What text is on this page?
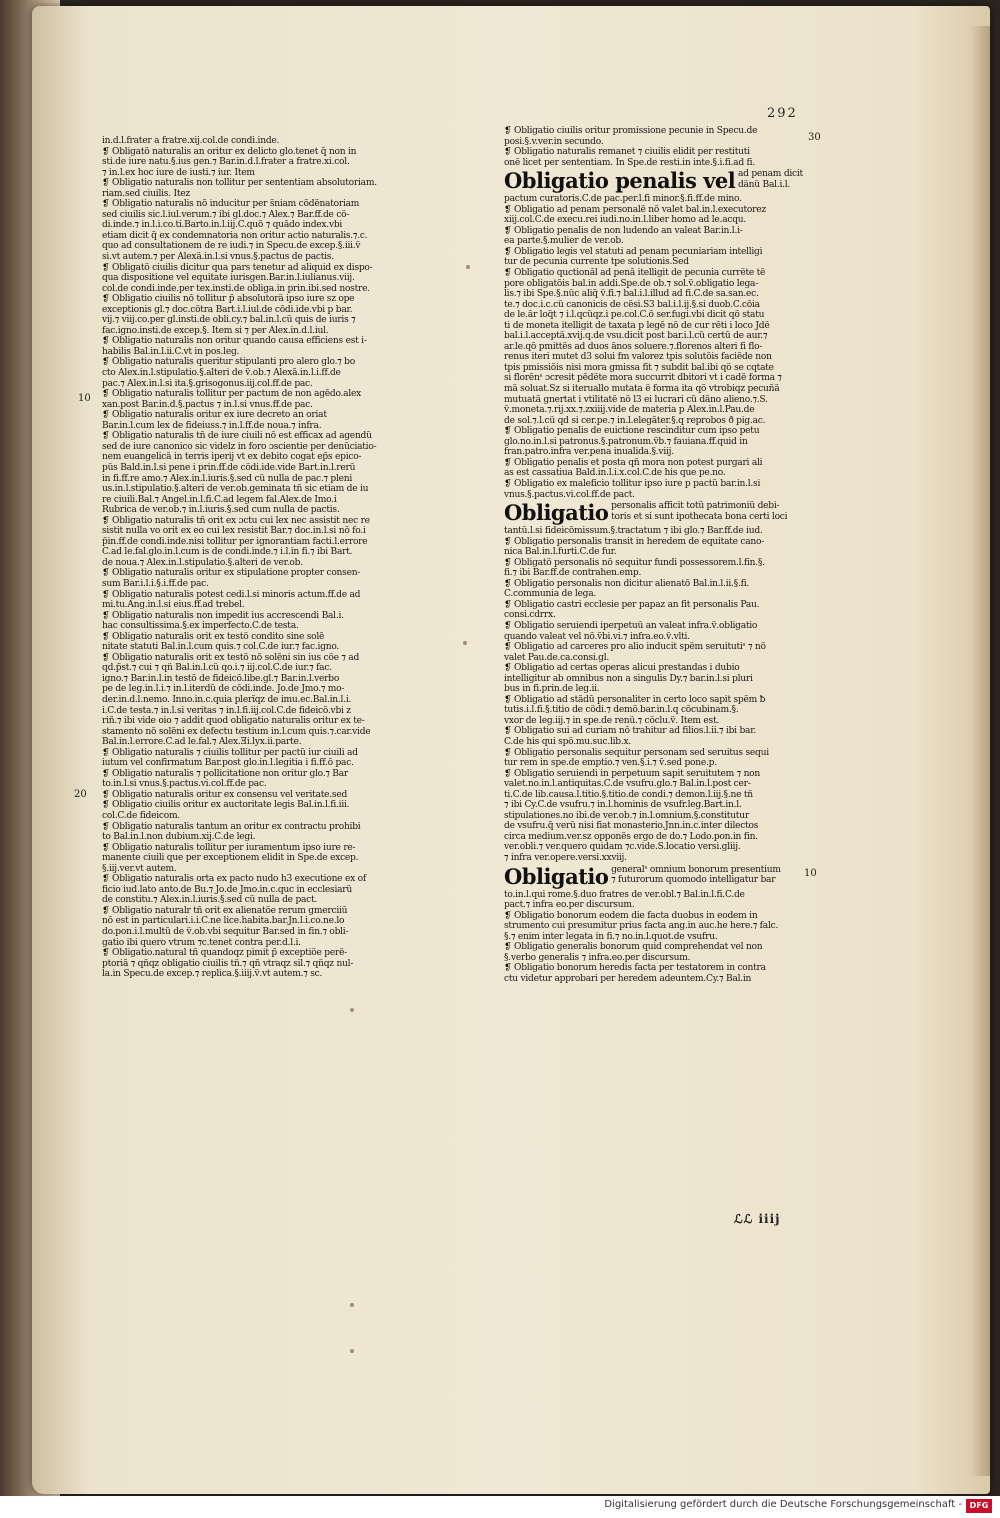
292
10
20
30
10
in.d.l.frater a fratre.xij.col.de condi.inde.
❡ Obligatõ naturalis an oritur ex delicto glo.tenet q̃ non in
sti.de iure natu.§.ius gen.⁊ Bar.in.d.l.frater a fratre.xi.col.
⁊ in.l.ex hoc iure de iusti.⁊ iur. Item
❡ Obligatio naturalis non tollitur per sententiam absolutoriam.
riam.sed ciuilis. Itez
❡ Obligatio naturalis nõ inducitur per s̃niam cõdẽnatoriam
sed ciuilis sic.l.iul.verum.⁊ ibi gl.doc.⁊ Alex.⁊ Bar.ff.de cõ-
di.inde.⁊ in.l.i.co.ti.Barto.in.l.iij.C.quõ ⁊ quãdo index.vbi
etiam dicit q̃ ex condemnatoria non oritur actio naturalis.⁊.c.
quo ad consultationem de re iudi.⁊ in Specu.de excep.§.iii.ṽ
si.vt autem.⁊ per Alexã.in.l.si vnus.§.pactus de pactis.
❡ Obligatõ ciuilis dicitur qua pars tenetur ad aliquid ex dispo-
qua dispositione vel equitate iurisgen.Bar.in.l.iulianus.viij.
col.de condi.inde.per tex.insti.de obliga.in prin.ibi.sed nostre.
❡ Obligatio ciuilis nõ tollitur p̃ absolutorã ipso iure sz ope
exceptionis gl.⁊ doc.cõtra Bart.i.l.iul.de cõdi.ide.vbi p bar.
vij.⁊ viij.co.per gl.insti.de obli.cy.⁊ bal.in.l.cũ quis de iuris ⁊
fac.igno.insti.de excep.§. Item si ⁊ per Alex.in.d.l.iul.
❡ Obligatio naturalis non oritur quando causa efficiens est i-
habilis Bal.in.l.ii.C.vt in pos.leg.
❡ Obligatio naturalis queritur stipulanti pro alero glo.⁊ bo
cto Alex.in.l.stipulatio.§.alteri de ṽ.ob.⁊ Alexã.in.l.i.ff.de
pac.⁊ Alex.in.l.si ita.§.grisogonus.iij.col.ff.de pac.
❡ Obligatio naturalis tollitur per pactum de non agẽdo.alex
xan.post Bar.in.d.§.pactus ⁊ in.l.si vnus.ff.de pac.
❡ Obligatio naturalis oritur ex iure decreto an oriat
Bar.in.l.cum lex de fideiuss.⁊ in.l.ff.de noua.⁊ infra.
❡ Obligatio naturalis tñ de iure ciuili nõ est efficax ad agendũ
sed de iure canonico sic videlz in foro ɔscientie per denũciatio-
nem euangelicã in terris iperij vt ex debito cogat ep̃s epico-
pũs Bald.in.l.si pene i prin.ff.de cõdi.ide.vide Bart.in.l.rerũ
in fi.ff.re amo.⁊ Alex.in.l.iuris.§.sed cũ nulla de pac.⁊ pleni
us.in.l.stipulatio.§.alteri de ver.ob.geminata tñ sic etiam de iu
re ciuili.Bal.⁊ Angel.in.l.fi.C.ad legem fal.Alex.de Imo.i
Rubrica de ver.ob.⁊ in.l.iuris.§.sed cum nulla de pactis.
❡ Obligatio naturalis tñ orit ex ɔctu cui lex nec assistit nec re
sistit nulla vo orit ex eo cui lex resistit Bar.⁊ doc.in.l.si nõ fo.i
p̃in.ff.de condi.inde.nisi tollitur per ignorantiam facti.l.errore
C.ad le.fal.glo.in.l.cum is de condi.inde.⁊ i.l.in fi.⁊ ibi Bart.
de noua.⁊ Alex.in.l.stipulatio.§.alteri de ver.ob.
❡ Obligatio naturalis oritur ex stipulatione propter consen-
sum Bar.i.l.i.§.i.ff.de pac.
❡ Obligatio naturalis potest cedi.l.si minoris actum.ff.de ad
mi.tu.Ang.in.l.si eius.ff.ad trebel.
❡ Obligatio naturalis non impedit ius accrescendi Bal.i.
hac consultissima.§.ex imperfecto.C.de testa.
❡ Obligatio naturalis orit ex testõ condito sine solẽ
nitate statuti Bal.in.l.cum quis.⁊ col.C.de iur.⁊ fac.igno.
❡ Obligatio naturalis orit ex testõ nõ solẽni sin ius cõe ⁊ ad
qd.p̃st.⁊ cui ⁊ qñ Bal.in.l.cũ qo.i.⁊ iij.col.C.de iur.⁊ fac.
igno.⁊ Bar.in.l.in testõ de fideicõ.libe.gl.⁊ Bar.in.l.verbo
pe de leg.in.l.i.⁊ in.l.iterdũ de cõdi.inde. Jo.de Jmo.⁊ mo-
der.in.d.l.nemo. Inno.in.c.quia plerĩqz de imu.ec.Bal.in.l.i.
i.C.de testa.⁊ in.l.si veritas ⁊ in.l.fi.iij.col.C.de fideicõ.vbi z
riñ.⁊ ibi vide oio ⁊ addit quod obligatio naturalis oritur ex te-
stamento nõ solẽni ex defectu testium in.l.cum quis.⁊.car.vide
Bal.in.l.errore.C.ad le.fal.⁊ Alex.Ǝi.lyx.ii.parte.
❡ Obligatio naturalis ⁊ ciuilis tollitur per pactũ iur ciuili ad
iutum vel confirmatum Bar.post glo.in.l.legitia i fi.ff.õ pac.
❡ Obligatio naturalis ⁊ pollicitatione non oritur glo.⁊ Bar
to.in.l.si vnus.§.pactus.vi.col.ff.de pac.
❡ Obligatio naturalis oritur ex consensu vel veritate.sed
❡ Obligatio ciuilis oritur ex auctoritate legis Bal.in.l.fi.iii.
col.C.de fideicom.
❡ Obligatio naturalis tantum an oritur ex contractu prohibi
to Bal.in.l.non dubium.xij.C.de legi.
❡ Obligatio naturalis tollitur per iuramentum ipso iure re-
manente ciuili que per exceptionem elidit in Spe.de excep.
§.iij.ver.vt autem.
❡ Obligatio naturalis orta ex pacto nudo h3 executione ex of
ficio iud.lato anto.de Bu.⁊ Jo.de Jmo.in.c.quc in ecclesiarũ
de constitu.⁊ Alex.in.l.iuris.§.sed cũ nulla de pact.
❡ Obligatio naturalr tñ orit ex alienatõe rerum gmerciiũ
nõ est in particulari.i.i.C.ne lice.habita.bar.Jn.l.i.co.ne.lo
do.pon.i.l.multũ de ṽ.ob.vbi sequitur Bar.sed in fin.⁊ obli-
gatio ibi quero vtrum ⁊c.tenet contra per.d.l.i.
❡ Obligatio.natural tñ quandoqz pimit p̃ exceptiõe perẽ-
ptoriã ⁊ qñqz obligatio ciuilis tñ.⁊ qñ vtraqz sil.⁊ qñqz nul-
la.in Specu.de excep.⁊ replica.§.iiij.ṽ.vt autem.⁊ sc.
❡ Obligatio ciuilis oritur promissione pecunie in Specu.de
posi.§.v.ver.in secundo.
❡ Obligatio naturalis remanet ⁊ ciuilis elidit per restituti
onẽ licet per sententiam. In Spe.de resti.in inte.§.i.fi.ad fi.
Obligatio penalis vel ad penam dicit
dãnũ Bal.i.l.
pactum curatoris.C.de pac.per.l.fi minor.§.fi.ff.de mino.
❡ Obligatio ad penam personalẽ nõ valet bal.in.l.executorez
xiij.col.C.de execu.rei iudi.no.in.l.liber homo ad le.acqu.
❡ Obligatio penalis de non ludendo an valeat Bar.in.l.i-
ea parte.§.mulier de ver.ob.
❡ Obligatio legis vel statuti ad penam pecuniariam intelligi
tur de pecunia currente tpe solutionis.Sed
❡ Obligatio quctionãl ad penã itelligit de pecunia currẽte tẽ
pore obligatõis bal.in addi.Spe.de ob.⁊ sol.ṽ.obligatio lega-
lis.⁊ ibi Spe.§.nũc aliq̃ ṽ.fi.⁊ bal.i.l.illud ad fi.C.de sa.san.ec.
te.⁊ doc.i.c.cũ canonicis de cẽsi.S3 bal.i.l.ij.§.si duob̃.C.cõia
de le.ãr loq̃t ⁊ i.l.qcũqz.i pe.col.C.õ ser.fugi.vbi dicit qõ statu
ti de moneta itelligit de taxata p legẽ nõ de cur rẽti i loco Jdẽ
bal.i.l.acceptã.xvij.q.de vsu.dicit post bar.i.l.cũ certũ de aur.⁊
ar.le.qõ pmittẽs ad duos ãnos soluere.⁊.florenos alteri fi flo-
renus iteri mutet d3 solui fm valorez tpis solutõis faciẽde non
tpis pmissiõis nisi mora gmissa fit ⁊ subdit bal.ibi qõ se cqtate
si florẽnˢ ɔcresit pẽdẽte mora succurrit dbitori vt i cadẽ forma ⁊
mã soluat.Sz si iteruallo mutata ẽ forma ita qõ vtrobiqz pecuñã
mutuatã gnertat i vtilitatẽ nõ l3 ei lucrari cũ dãno alieno.⁊.S.
ṽ.moneta.⁊.rij.xx.⁊.zxiiij.vide de materia p Alex.in.l.Pau.de
de sol.⁊.l.cũ qd si cer.pe.⁊ in.l.elegãter.§.q reprobos ð pig.ac.
❡ Obligatio penalis de euictione rescinditur cum ipso petu
glo.no.in.l.si patronus.§.patronum.ṽb.⁊ fauiana.ff.quid in
fran.patro.infra ver.pena inualida.§.viij.
❡ Obligatio penalis et posta qñ mora non potest purgari ali
as est cassatiua Bald.in.l.i.x.col.C.de his que pe.no.
❡ Obligatio ex maleficio tollitur ipso iure p pactũ bar.in.l.si
vnus.§.pactus.vi.col.ff.de pact.
Obligatio personalis afficit totũ patrimoniũ debi-
toris et si sunt ipothecata bona certi loci
tantũ.l.si fideicõmissum.§.tractatum ⁊ ibi glo.⁊ Bar.ff.de iud.
❡ Obligatio personalis transit in heredem de equitate cano-
nica Bal.in.l.furti.C.de fur.
❡ Obligatõ personalis nõ sequitur fundi possessorem.l.fin.§.
fi.⁊ ibi Bar.ff.de contrahen.emp.
❡ Obligatio personalis non dicitur alienatõ Bal.in.l.ii.§.fi.
C.communia de lega.
❡ Obligatio castri ecclesie per papaz an fit personalis Pau.
consi.cdrrx.
❡ Obligatio seruiendi iperpetuũ an valeat infra.ṽ.obligatio
quando valeat vel nõ.ṽbi.vi.⁊ infra.eo.ṽ.vlti.
❡ Obligatio ad carceres pro alio inducit spẽm seruitutiˢ ⁊ nõ
valet Pau.de.ca.consi.gl.
❡ Obligatio ad certas operas alicui prestandas i dubio
intelligitur ab omnibus non a singulis Dy.⁊ bar.in.l.si pluri
bus in fi.prin.de leg.ii.
❡ Obligatio ad stãdũ personaliter in certo loco sapit spẽm ƀ
tutis.i.l.fi.§.titio de cõdi.⁊ demõ.bar.in.l.q cõcubinam.§.
vxor de leg.iij.⁊ in spe.de renũ.⁊ cõclu.ṽ. Item est.
❡ Obligatio sui ad curiam nõ trahitur ad filios.l.ii.⁊ ibi bar.
C.de his qui spõ.mu.suc.lib.x.
❡ Obligatio personalis sequitur personam sed seruitus sequi
tur rem in spe.de emptio.⁊ ven.§.i.⁊ ṽ.sed pone.p.
❡ Obligatio seruiendi in perpetuum sapit seruitutem ⁊ non
valet.no.in.l.antiquitas.C.de vsufru.glo.⁊ Bal.in.l.post cer-
ti.C.de lib.causa.l.titio.§.titio.de condi.⁊ demon.l.iij.§.ne tñ
⁊ ibi Cy.C.de vsufru.⁊ in.l.hominis de vsufr.leg.Bart.in.l.
stipulationes.no ibi.de ver.ob.⁊ in.l.omnium.§.constitutur
de vsufru.q̃ verũ nisi fiat monasterio.Jnn.in.c.inter dilectos
circa medium.ver.sz opponẽs ergo de do.⁊ Lodo.pon.in fin.
ver.obli.⁊ ver.quero quidam ⁊c.vide.S.locatio versi.gliij.
⁊ infra ver.opere.versi.xxviij.
Obligatio generalˢ omnium bonorum presentium
⁊ futurorum quomodo intelligatur bar
to.in.l.qui rome.§.duo fratres de ver.obl.⁊ Bal.in.l.fi.C.de
pact.⁊ infra eo.per discursum.
❡ Obligatio bonorum eodem die facta duobus in eodem in
strumento cui presumitur prius facta ang.in auc.he here.⁊ falc.
§.⁊ enim inter legata in fi.⁊ no.in.l.quot.de vsufru.
❡ Obligatio generalis bonorum quid comprehendat vel non
§.verbo generalis ⁊ infra.eo.per discursum.
❡ Obligatio bonorum heredis facta per testatorem in contra
ctu videtur approbari per heredem adeuntem.Cy.⁊ Bal.in
ℒℒ iiij
Digitalisierung gefördert durch die Deutsche Forschungsgemeinschaft - DFG
